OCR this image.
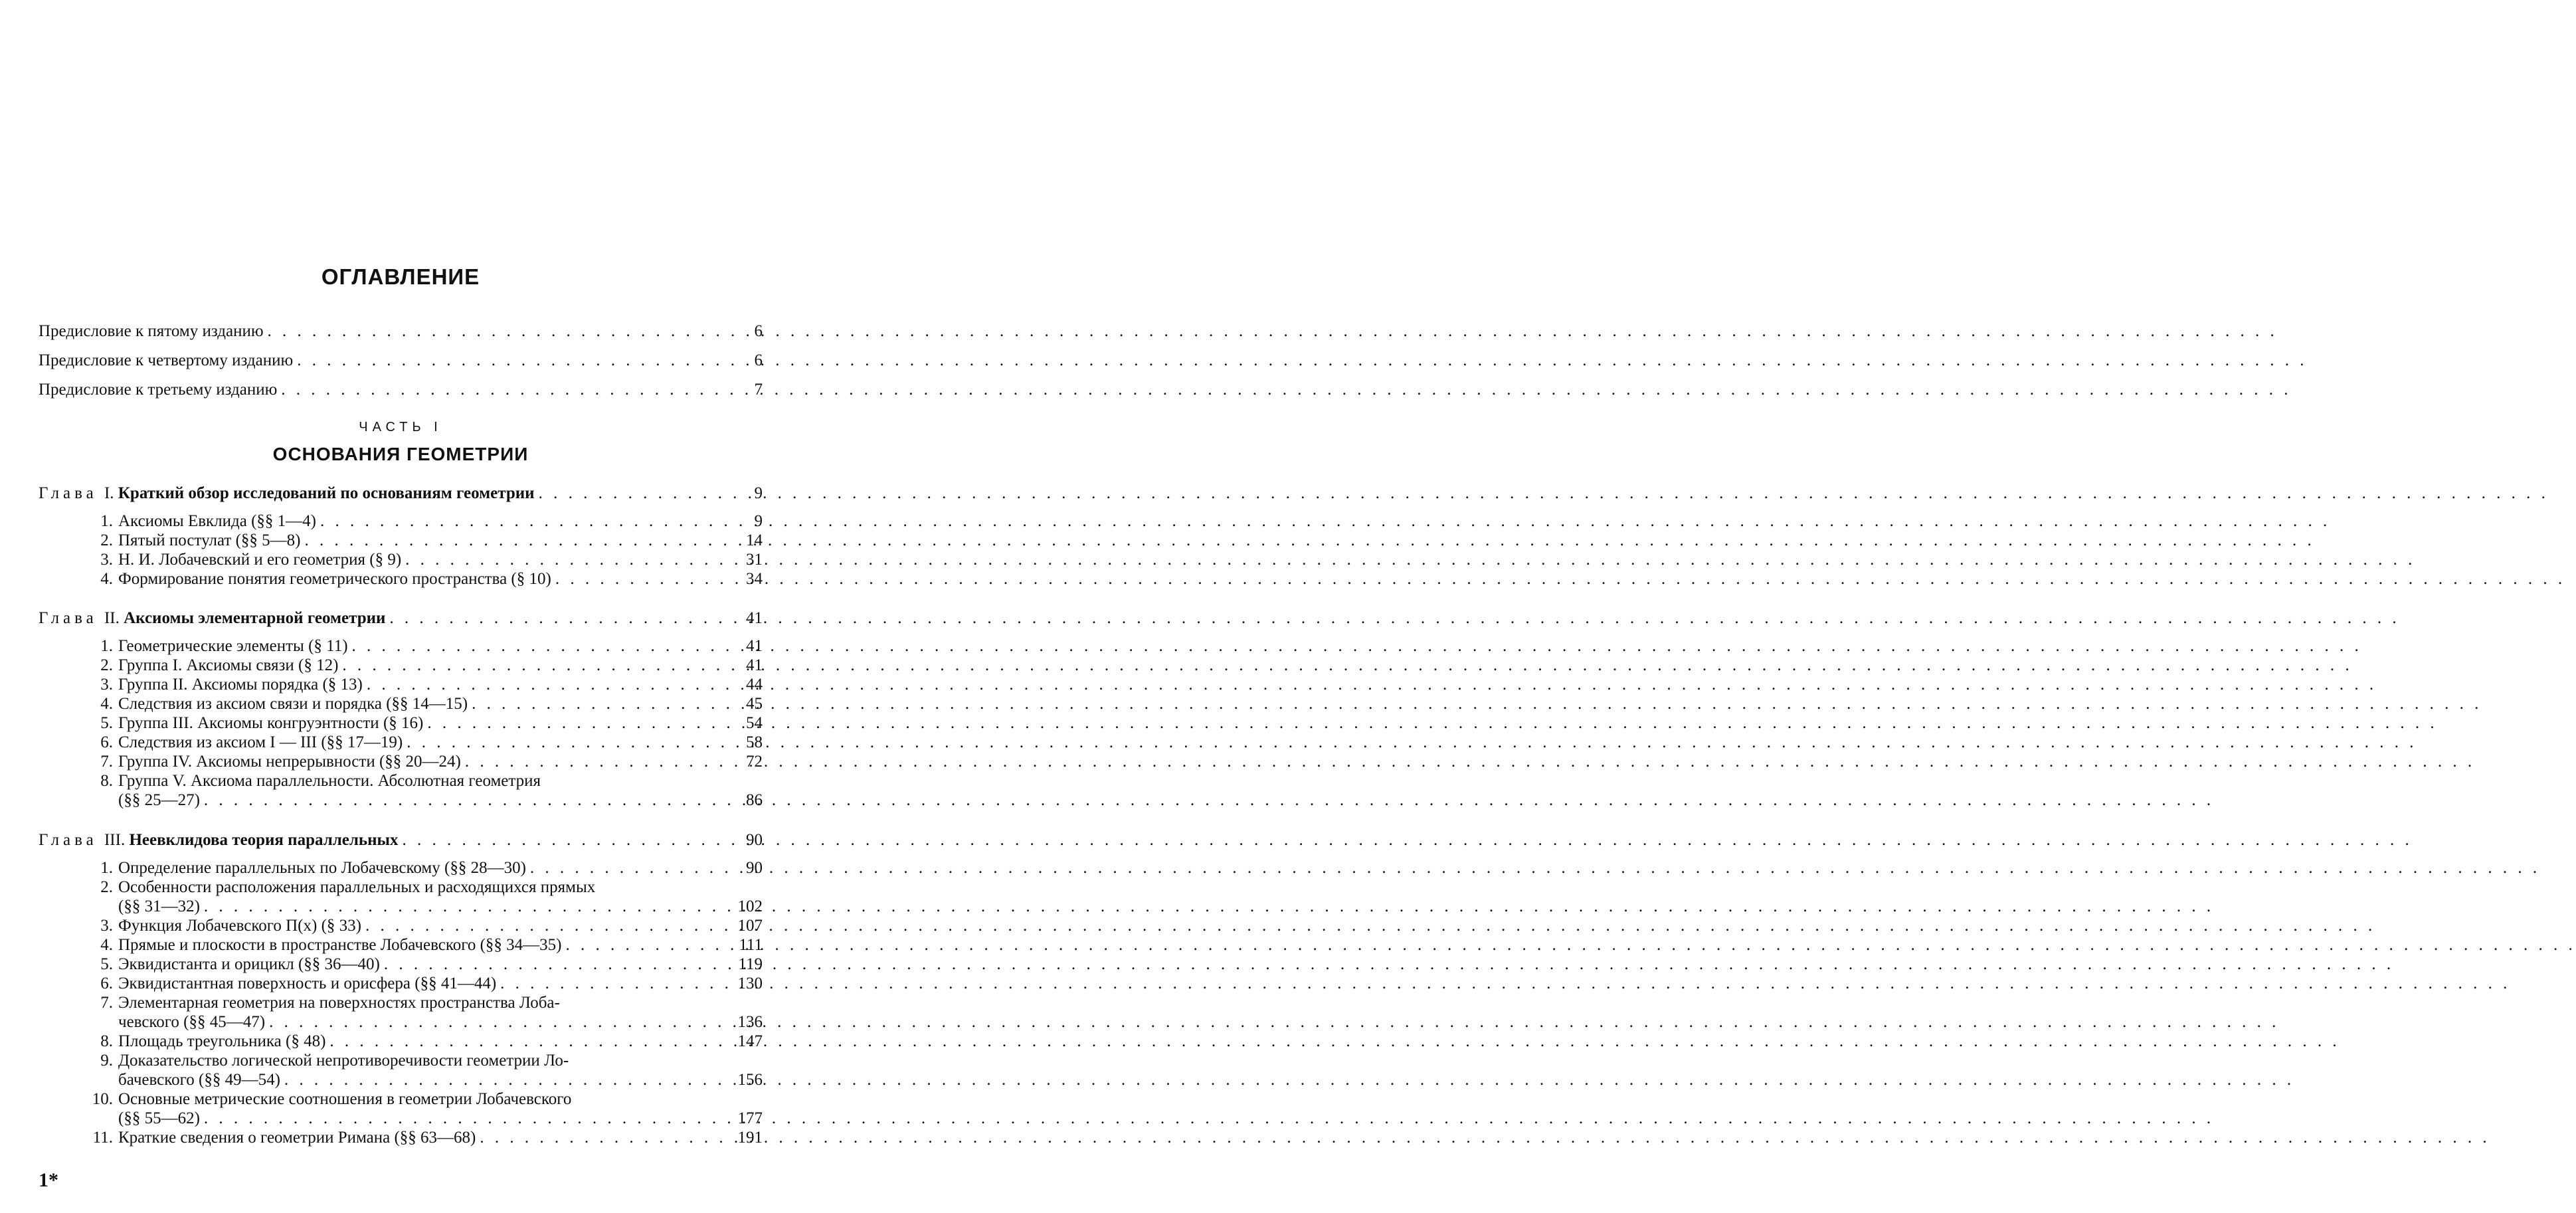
ОГЛАВЛЕНИЕ
Предисловие к пятому изданию
. . .	6
Предисловие к четвертому изданию
. . .	6
Предисловие к третьему изданию
. . .	7
ЧАСТЬ I
ОСНОВАНИЯ ГЕОМЕТРИИ
Глава I. Краткий обзор исследований по основаниям геометрии
. . .	9
1. Аксиомы Евклида (§§ 1—4)
. . .	9
2. Пятый постулат (§§ 5—8)
. . .	14
3. Н. И. Лобачевский и его геометрия (§ 9)
. . .	31
4. Формирование понятия геометрического пространства (§ 10)
. . .	34
Глава II. Аксиомы элементарной геометрии
. . .	41
1. Геометрические элементы (§ 11)
. . .	41
2. Группа I. Аксиомы связи (§ 12)
. . .	41
3. Группа II. Аксиомы порядка (§ 13)
. . .	44
4. Следствия из аксиом связи и порядка (§§ 14—15)
. . .	45
5. Группа III. Аксиомы конгруэнтности (§ 16)
. . .	54
6. Следствия из аксиом I — III (§§ 17—19)
. . .	58
7. Группа IV. Аксиомы непрерывности (§§ 20—24)
. . .	72
8. Группа V. Аксиома параллельности. Абсолютная геометрия
(§§ 25—27)
. . .	86
Глава III. Неевклидова теория параллельных
. . .	90
1. Определение параллельных по Лобачевскому (§§ 28—30)
. . .	90
2. Особенности расположения параллельных и расходящихся прямых
(§§ 31—32)
. . .	102
3. Функция Лобачевского П(x) (§ 33)
. . .	107
4. Прямые и плоскости в пространстве Лобачевского (§§ 34—35)
. . .	111
5. Эквидистанта и орицикл (§§ 36—40)
. . .	119
6. Эквидистантная поверхность и орисфера (§§ 41—44)
. . .	130
7. Элементарная геометрия на поверхностях пространства Лоба-
чевского (§§ 45—47)
. . .	136
8. Площадь треугольника (§ 48)
. . .	147
9. Доказательство логической непротиворечивости геометрии Ло-
бачевского (§§ 49—54)
. . .	156
10. Основные метрические соотношения в геометрии Лобачевского
(§§ 55—62)
. . .	177
11. Краткие сведения о геометрии Римана (§§ 63—68)
. . .	191
1*
